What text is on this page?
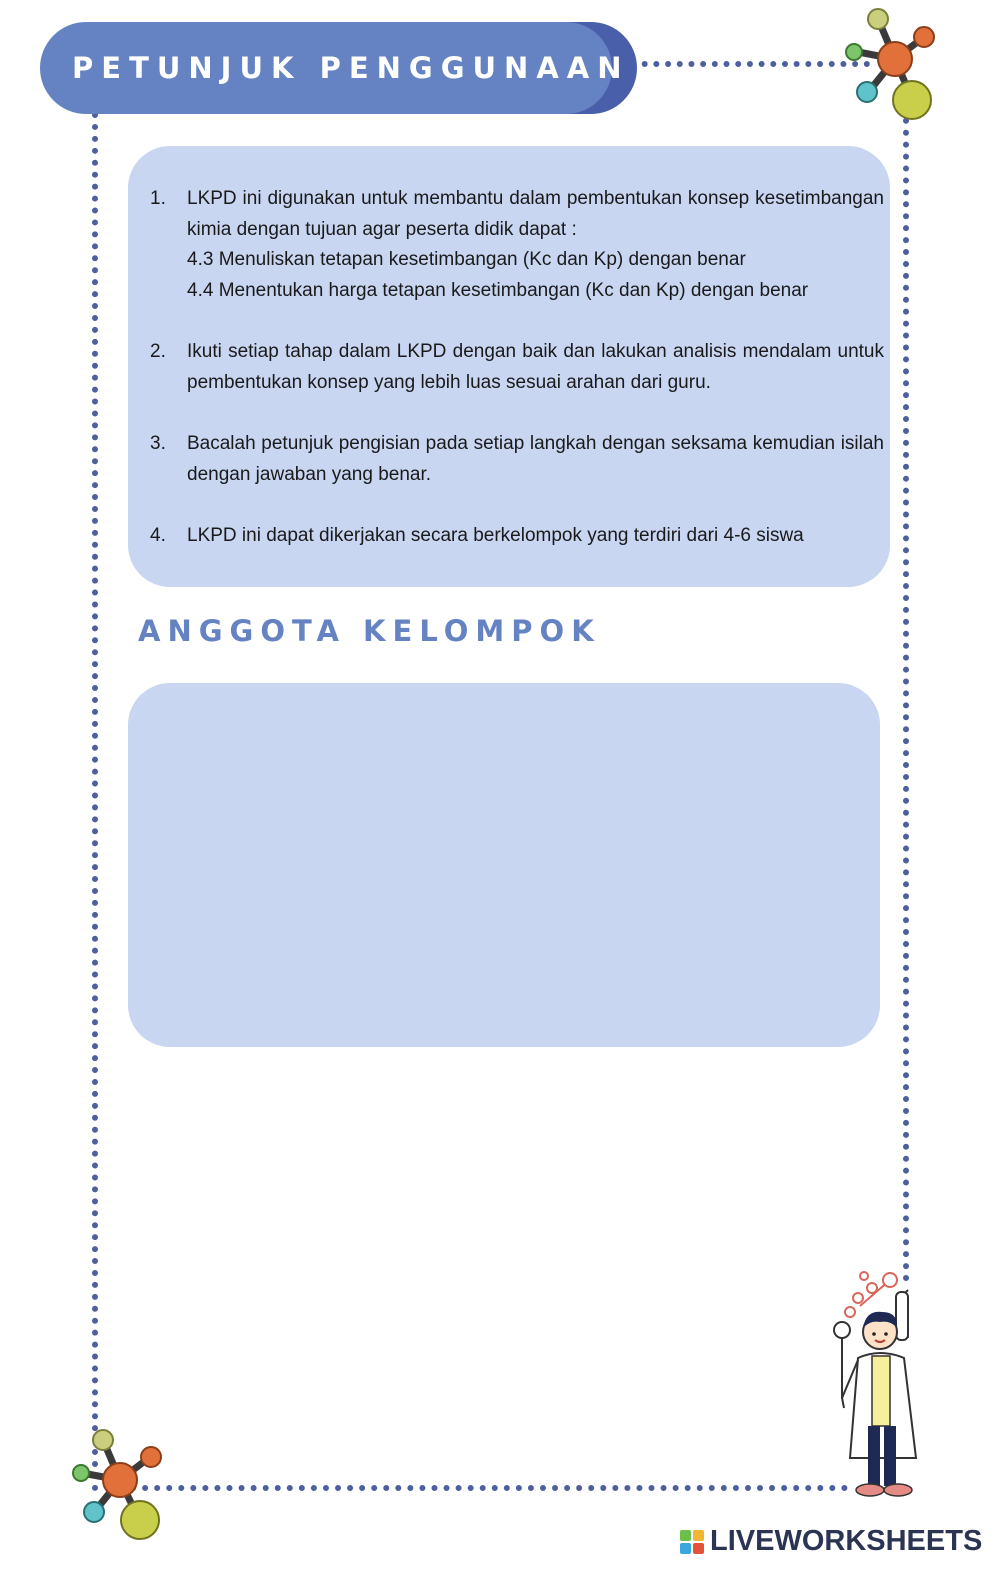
PETUNJUK PENGGUNAAN
1.	LKPD ini digunakan untuk membantu dalam pembentukan konsep kesetimbangan kimia dengan tujuan agar peserta didik dapat :
4.3 Menuliskan tetapan kesetimbangan (Kc dan Kp) dengan benar
4.4 Menentukan harga tetapan kesetimbangan (Kc dan Kp) dengan benar
2.	Ikuti setiap tahap dalam LKPD dengan baik dan lakukan analisis mendalam untuk pembentukan konsep yang lebih luas sesuai arahan dari guru.
3.	Bacalah petunjuk pengisian pada setiap langkah dengan seksama kemudian isilah dengan jawaban yang benar.
4.	LKPD ini dapat dikerjakan secara berkelompok yang terdiri dari 4-6 siswa
ANGGOTA KELOMPOK
LIVEWORKSHEETS
